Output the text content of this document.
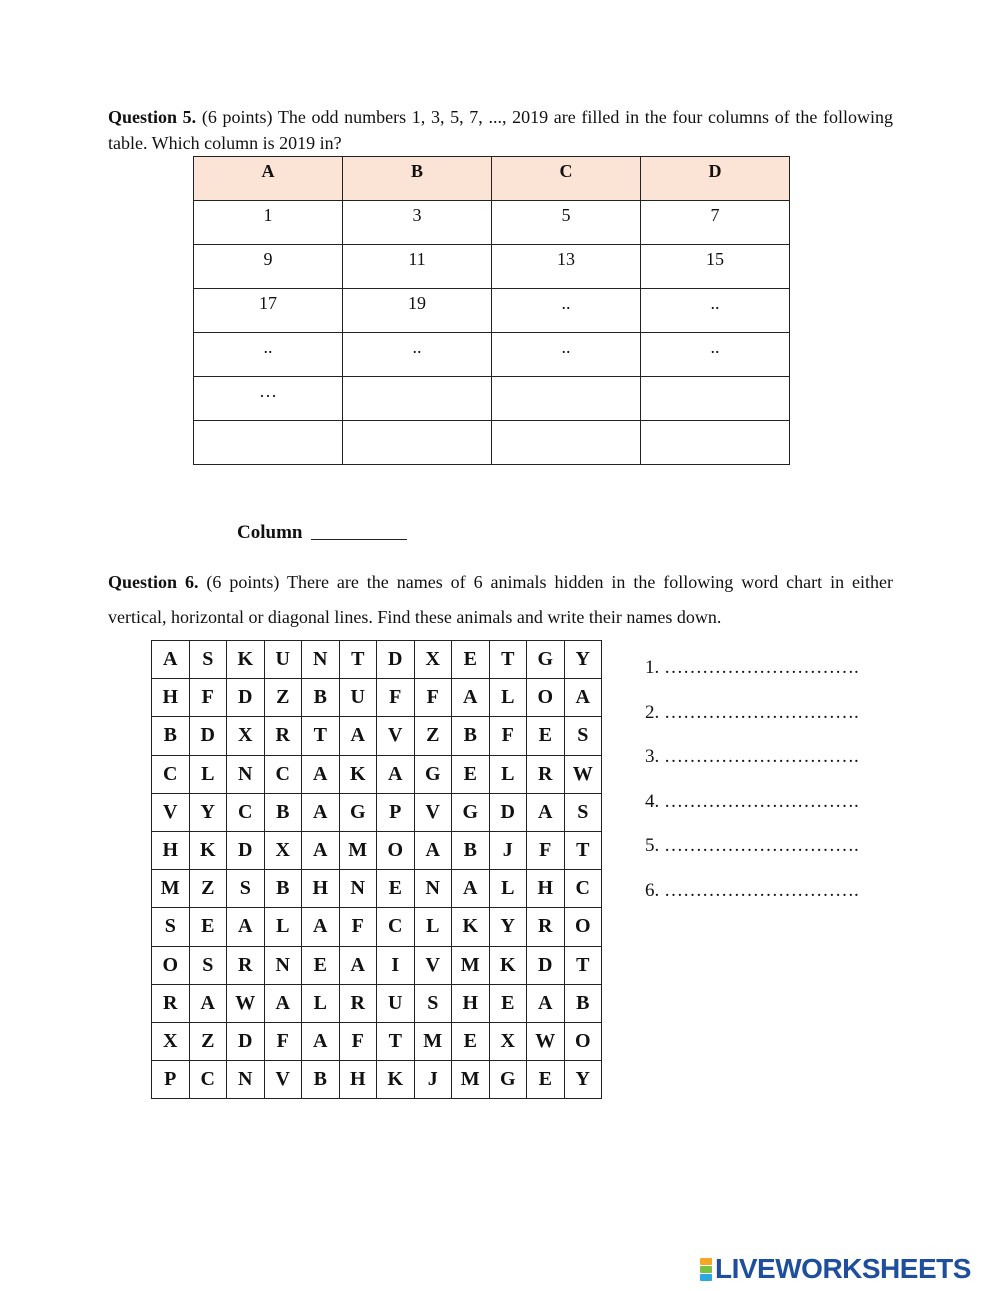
Question 5. (6 points) The odd numbers 1, 3, 5, 7, ..., 2019 are filled in the four columns of the following table. Which column is 2019 in?
A	B	C	D
1	3	5	7
9	11	13	15
17	19	..	..
..	..	..	..
…			

Column
Question 6. (6 points) There are the names of 6 animals hidden in the following word chart in either vertical, horizontal or diagonal lines. Find these animals and write their names down.
A	S	K	U	N	T	D	X	E	T	G	Y
H	F	D	Z	B	U	F	F	A	L	O	A
B	D	X	R	T	A	V	Z	B	F	E	S
C	L	N	C	A	K	A	G	E	L	R	W
V	Y	C	B	A	G	P	V	G	D	A	S
H	K	D	X	A	M	O	A	B	J	F	T
M	Z	S	B	H	N	E	N	A	L	H	C
S	E	A	L	A	F	C	L	K	Y	R	O
O	S	R	N	E	A	I	V	M	K	D	T
R	A	W	A	L	R	U	S	H	E	A	B
X	Z	D	F	A	F	T	M	E	X	W	O
P	C	N	V	B	H	K	J	M	G	E	Y
1. ………………………….
2. ………………………….
3. ………………………….
4. ………………………….
5. ………………………….
6. ………………………….
LIVEWORKSHEETS
